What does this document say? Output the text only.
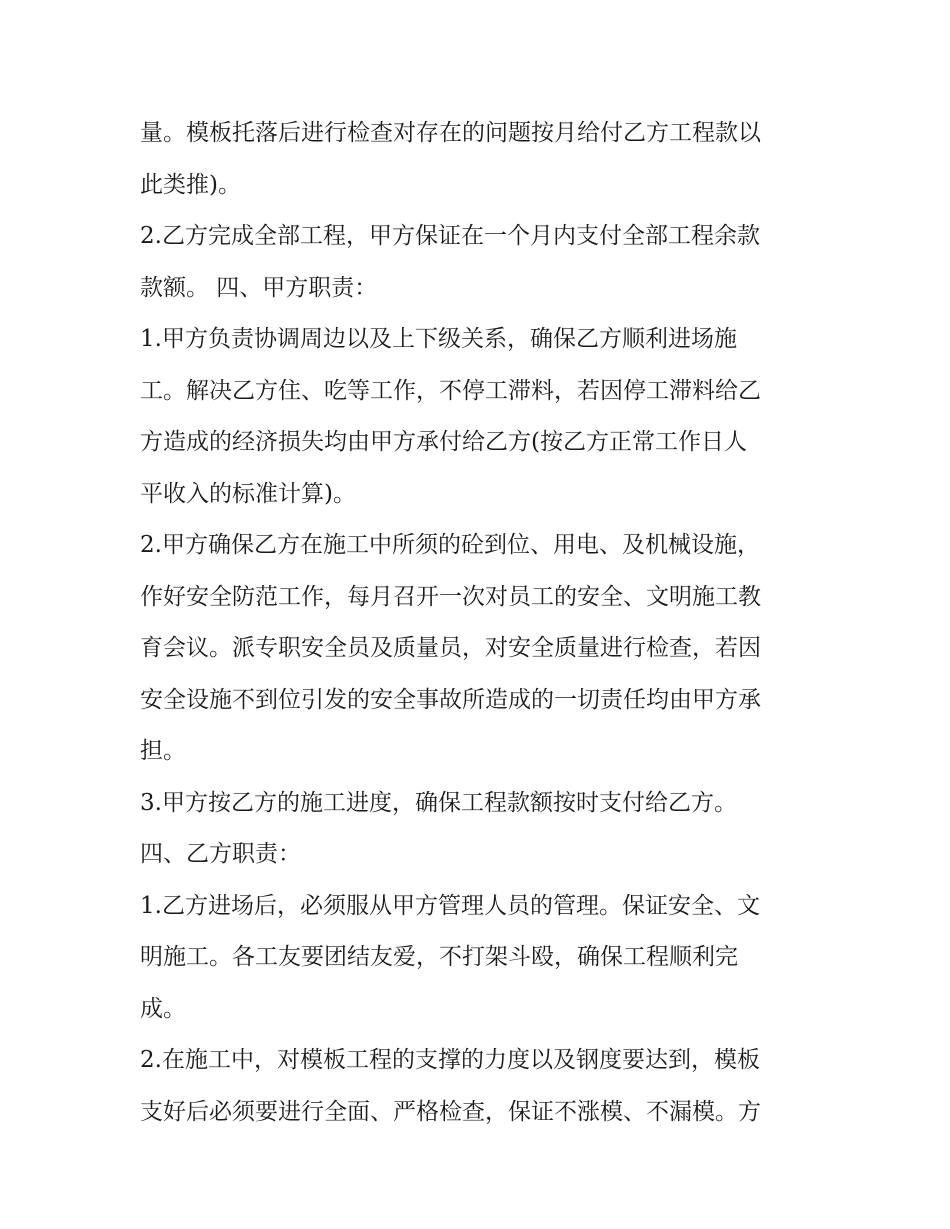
量。模板托落后进行检查对存在的问题按月给付乙方工程款以
此类推)。
2.乙方完成全部工程，甲方保证在一个月内支付全部工程余款
款额。 四、甲方职责：
1.甲方负责协调周边以及上下级关系，确保乙方顺利进场施
工。解决乙方住、吃等工作，不停工滞料，若因停工滞料给乙
方造成的经济损失均由甲方承付给乙方(按乙方正常工作日人
平收入的标准计算)。
2.甲方确保乙方在施工中所须的砼到位、用电、及机械设施，
作好安全防范工作，每月召开一次对员工的安全、文明施工教
育会议。派专职安全员及质量员，对安全质量进行检查，若因
安全设施不到位引发的安全事故所造成的一切责任均由甲方承
担。
3.甲方按乙方的施工进度，确保工程款额按时支付给乙方。
四、乙方职责：
1.乙方进场后，必须服从甲方管理人员的管理。保证安全、文
明施工。各工友要团结友爱，不打架斗殴，确保工程顺利完
成。
2.在施工中，对模板工程的支撑的力度以及钢度要达到，模板
支好后必须要进行全面、严格检查，保证不涨模、不漏模。方
